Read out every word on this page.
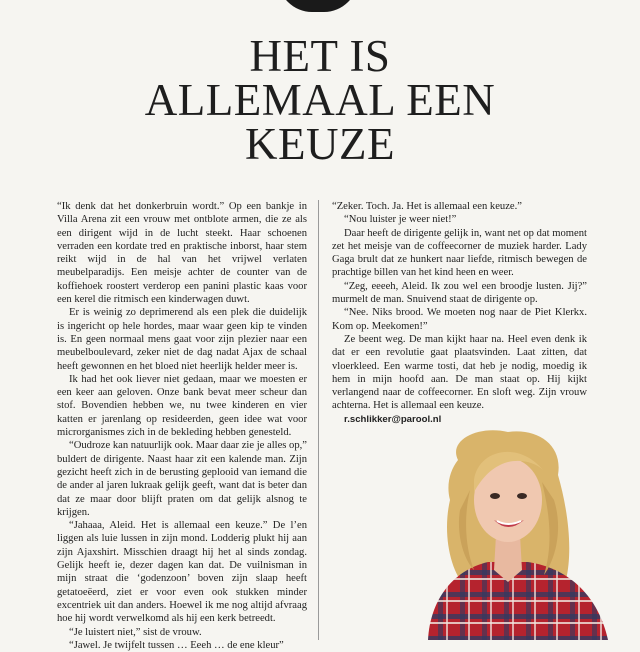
HET IS
ALLEMAAL EEN
KEUZE

“Ik denk dat het donkerbruin wordt.” Op een bankje in Villa Arena zit een vrouw met ontblote armen, die ze als een dirigent wijd in de lucht steekt. Haar schoenen verraden een kordate tred en praktische inborst, haar stem reikt wijd in de hal van het vrijwel verlaten meubelparadijs. Een meisje achter de counter van de koffiehoek roostert verderop een panini plastic kaas voor een kerel die ritmisch een kinderwagen duwt.

Er is weinig zo deprimerend als een plek die duidelijk is ingericht op hele hordes, maar waar geen kip te vinden is. En geen normaal mens gaat voor zijn plezier naar een meubelboulevard, zeker niet de dag nadat Ajax de schaal heeft gewonnen en het bloed niet heerlijk helder meer is.

Ik had het ook liever niet gedaan, maar we moesten er een keer aan geloven. Onze bank bevat meer scheur dan stof. Bovendien hebben we, nu twee kinderen en vier katten er jarenlang op resideerden, geen idee wat voor microrganismes zich in de bekleding hebben genesteld.

“Oudroze kan natuurlijk ook. Maar daar zie je alles op,” buldert de dirigente. Naast haar zit een kalende man. Zijn gezicht heeft zich in de berusting geplooid van iemand die de ander al jaren lukraak gelijk geeft, want dat is beter dan dat ze maar door blijft praten om dat gelijk alsnog te krijgen.

“Jahaaa, Aleid. Het is allemaal een keuze.” De l’en liggen als luie lussen in zijn mond. Lodderig plukt hij aan zijn Ajaxshirt. Misschien draagt hij het al sinds zondag. Gelijk heeft ie, dezer dagen kan dat. De vuilnisman in mijn straat die ‘godenzoon’ boven zijn slaap heeft getatoeëerd, ziet er voor even ook stukken minder excentriek uit dan anders. Hoewel ik me nog altijd afvraag hoe hij wordt verwelkomd als hij een kerk betreedt.

“Je luistert niet,” sist de vrouw.

“Jawel. Je twijfelt tussen … Eeeh … de ene kleur”

“Zeker. Toch. Ja. Het is allemaal een keuze.”

“Nou luister je weer niet!”

Daar heeft de dirigente gelijk in, want net op dat moment zet het meisje van de coffeecorner de muziek harder. Lady Gaga brult dat ze hunkert naar liefde, ritmisch bewegen de prachtige billen van het kind heen en weer.

“Zeg, eeeeh, Aleid. Ik zou wel een broodje lusten. Jij?” murmelt de man. Snuivend staat de dirigente op.

“Nee. Niks brood. We moeten nog naar de Piet Klerkx. Kom op. Meekomen!”

Ze beent weg. De man kijkt haar na. Heel even denk ik dat er een revolutie gaat plaatsvinden. Laat zitten, dat vloerkleed. Een warme tosti, dat heb je nodig, moedig ik hem in mijn hoofd aan. De man staat op. Hij kijkt verlangend naar de coffeecorner. En sloft weg. Zijn vrouw achterna. Het is allemaal een keuze.

r.schlikker@parool.nl
